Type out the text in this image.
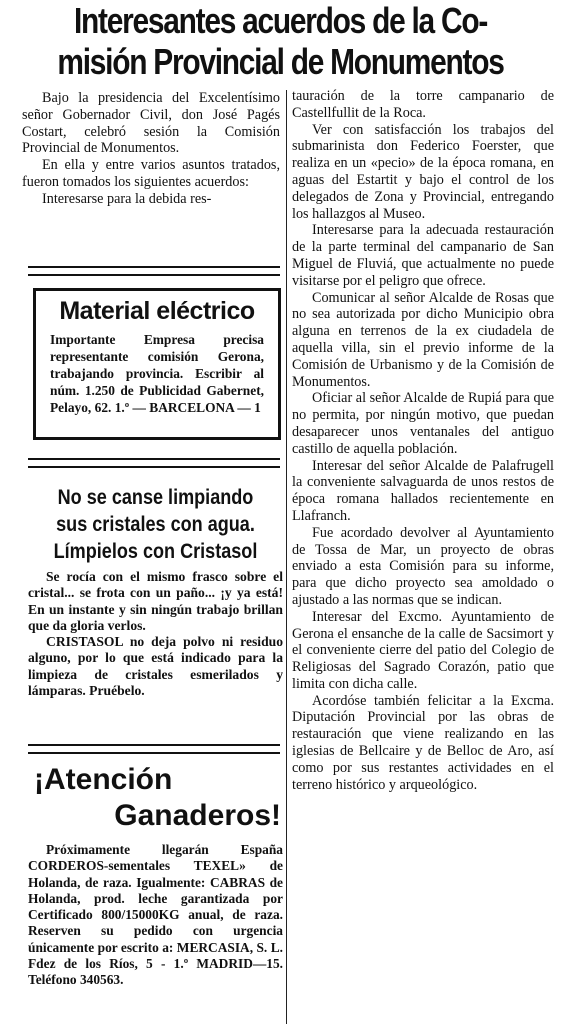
Interesantes acuerdos de la Co-
misión Provincial de Monumentos

Bajo la presidencia del Excelentísimo señor Gobernador Civil, don José Pagés Costart, celebró sesión la Comisión Provincial de Monumentos.

En ella y entre varios asuntos tratados, fueron tomados los siguientes acuerdos:

Interesarse para la debida res-

tauración de la torre campanario de Castellfullit de la Roca.

Ver con satisfacción los trabajos del submarinista don Federico Foerster, que realiza en un «pecio» de la época romana, en aguas del Estartit y bajo el control de los delegados de Zona y Provincial, entregando los hallazgos al Museo.

Interesarse para la adecuada restauración de la parte terminal del campanario de San Miguel de Fluviá, que actualmente no puede visitarse por el peligro que ofrece.

Comunicar al señor Alcalde de Rosas que no sea autorizada por dicho Municipio obra alguna en terrenos de la ex ciudadela de aquella villa, sin el previo informe de la Comisión de Urbanismo y de la Comisión de Monumentos.

Oficiar al señor Alcalde de Rupiá para que no permita, por ningún motivo, que puedan desaparecer unos ventanales del antiguo castillo de aquella población.

Interesar del señor Alcalde de Palafrugell la conveniente salvaguarda de unos restos de época romana hallados recientemente en Llafranch.

Fue acordado devolver al Ayuntamiento de Tossa de Mar, un proyecto de obras enviado a esta Comisión para su informe, para que dicho proyecto sea amoldado o ajustado a las normas que se indican.

Interesar del Excmo. Ayuntamiento de Gerona el ensanche de la calle de Sacsimort y el conveniente cierre del patio del Colegio de Religiosas del Sagrado Corazón, patio que limita con dicha calle.

Acordóse también felicitar a la Excma. Diputación Provincial por las obras de restauración que viene realizando en las iglesias de Bellcaire y de Belloc de Aro, así como por sus restantes actividades en el terreno histórico y arqueológico.

Material eléctrico
Importante Empresa precisa representante comisión Gerona, trabajando provincia. Escribir al núm. 1.250 de Publicidad Gabernet, Pelayo, 62. 1.º — BARCELONA — 1
No se canse limpiando
sus cristales con agua.
Límpielos con Cristasol

Se rocía con el mismo frasco sobre el cristal... se frota con un paño... ¡y ya está! En un instante y sin ningún trabajo brillan que da gloria verlos.

CRISTASOL no deja polvo ni residuo alguno, por lo que está indicado para la limpieza de cristales esmerilados y lámparas. Pruébelo.

¡Atención
Ganaderos!

Próximamente llegarán España CORDEROS-sementales TEXEL» de Holanda, de raza. Igualmente: CABRAS de Holanda, prod. leche garantizada por Certificado 800/15000KG anual, de raza. Reserven su pedido con urgencia únicamente por escrito a: MERCASIA, S. L. Fdez de los Ríos, 5 - 1.º MADRID—15. Teléfono 340563.
